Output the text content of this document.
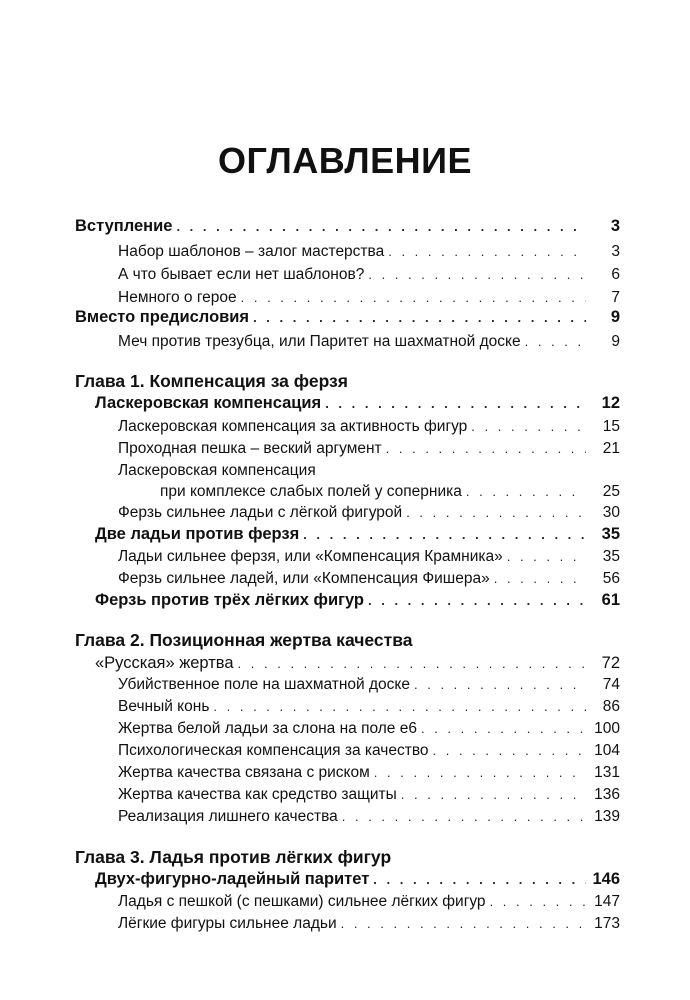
ОГЛАВЛЕНИЕ
Вступление . . .	3
Набор шаблонов – залог мастерства . . .	3
А что бывает если нет шаблонов? . . .	6
Немного о герое . . .	7
Вместо предисловия . . .	9
Меч против трезубца, или Паритет на шахматной доске . . .	9
Глава 1. Компенсация за ферзя
Ласкеровская компенсация . . .	12
Ласкеровская компенсация за активность фигур . . .	15
Проходная пешка – веский аргумент . . .	21
Ласкеровская компенсация
при комплексе слабых полей у соперника . . .	25
Ферзь сильнее ладьи с лёгкой фигурой . . .	30
Две ладьи против ферзя . . .	35
Ладьи сильнее ферзя, или «Компенсация Крамника» . . .	35
Ферзь сильнее ладей, или «Компенсация Фишера» . . .	56
Ферзь против трёх лёгких фигур . . .	61
Глава 2. Позиционная жертва качества
«Русская» жертва . . .	72
Убийственное поле на шахматной доске . . .	74
Вечный конь . . .	86
Жертва белой ладьи за слона на поле е6 . . .	100
Психологическая компенсация за качество . . .	104
Жертва качества связана с риском . . .	131
Жертва качества как средство защиты . . .	136
Реализация лишнего качества . . .	139
Глава 3. Ладья против лёгких фигур
Двух-фигурно-ладейный паритет . . .	146
Ладья с пешкой (с пешками) сильнее лёгких фигур . . .	147
Лёгкие фигуры сильнее ладьи . . .	173
